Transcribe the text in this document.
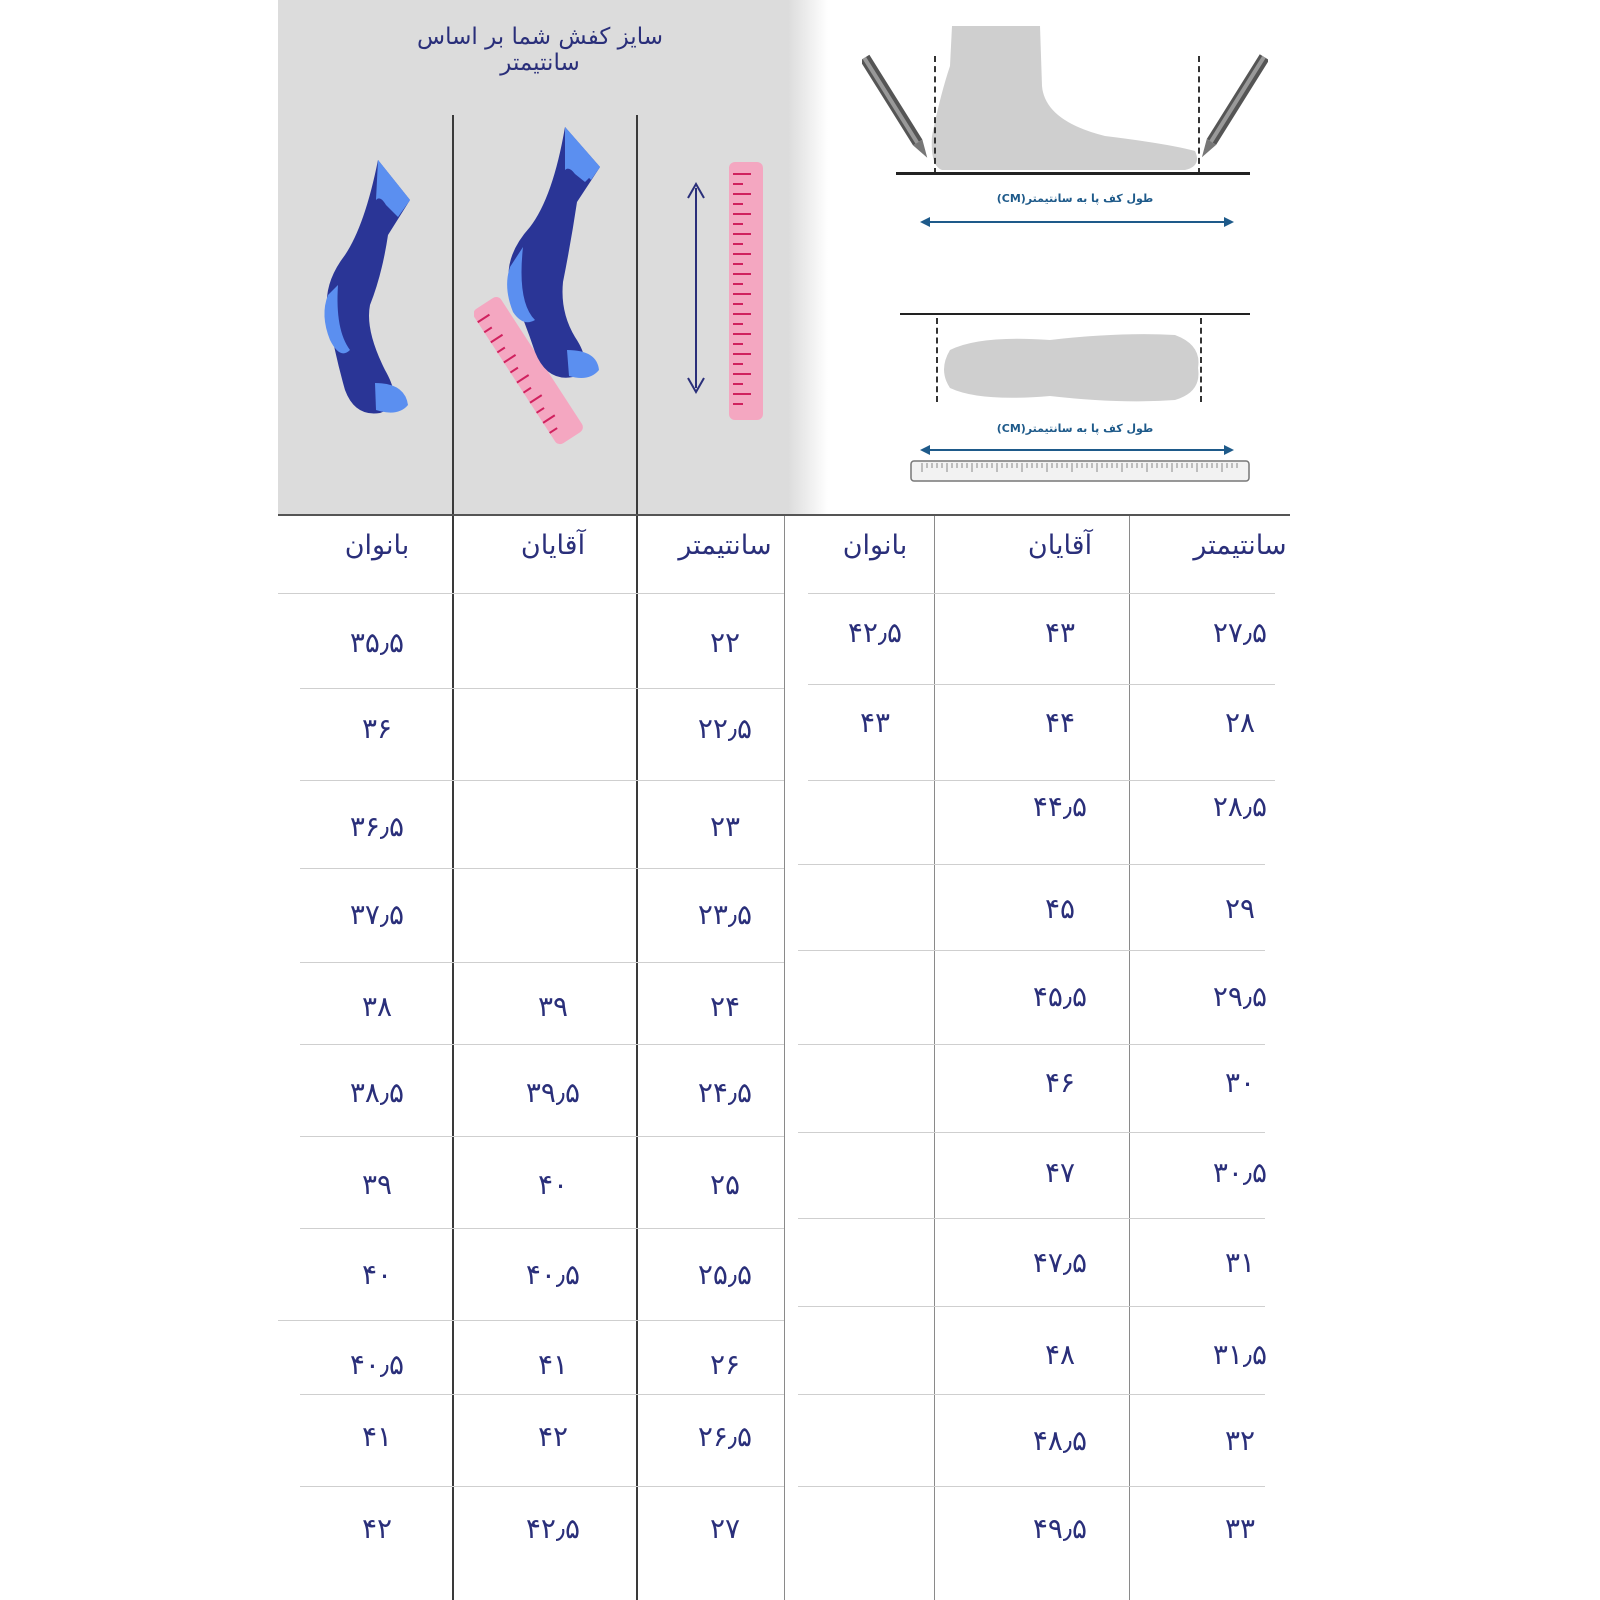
سایز کفش شما بر اساس سانتیمتر
طول کف پا به سانتیمتر(CM)
طول کف پا به سانتیمتر(CM)
سانتیمتر
آقایان
بانوان
۲۲
۳۵٫۵
۲۲٫۵
۳۶
۲۳
۳۶٫۵
۲۳٫۵
۳۷٫۵
۲۴
۳۹
۳۸
۲۴٫۵
۳۹٫۵
۳۸٫۵
۲۵
۴۰
۳۹
۲۵٫۵
۴۰٫۵
۴۰
۲۶
۴۱
۴۰٫۵
۲۶٫۵
۴۲
۴۱
۲۷
۴۲٫۵
۴۲
سانتیمتر
آقایان
بانوان
۲۷٫۵
۴۳
۴۲٫۵
۲۸
۴۴
۴۳
۲۸٫۵
۴۴٫۵
۲۹
۴۵
۲۹٫۵
۴۵٫۵
۳۰
۴۶
۳۰٫۵
۴۷
۳۱
۴۷٫۵
۳۱٫۵
۴۸
۳۲
۴۸٫۵
۳۳
۴۹٫۵
